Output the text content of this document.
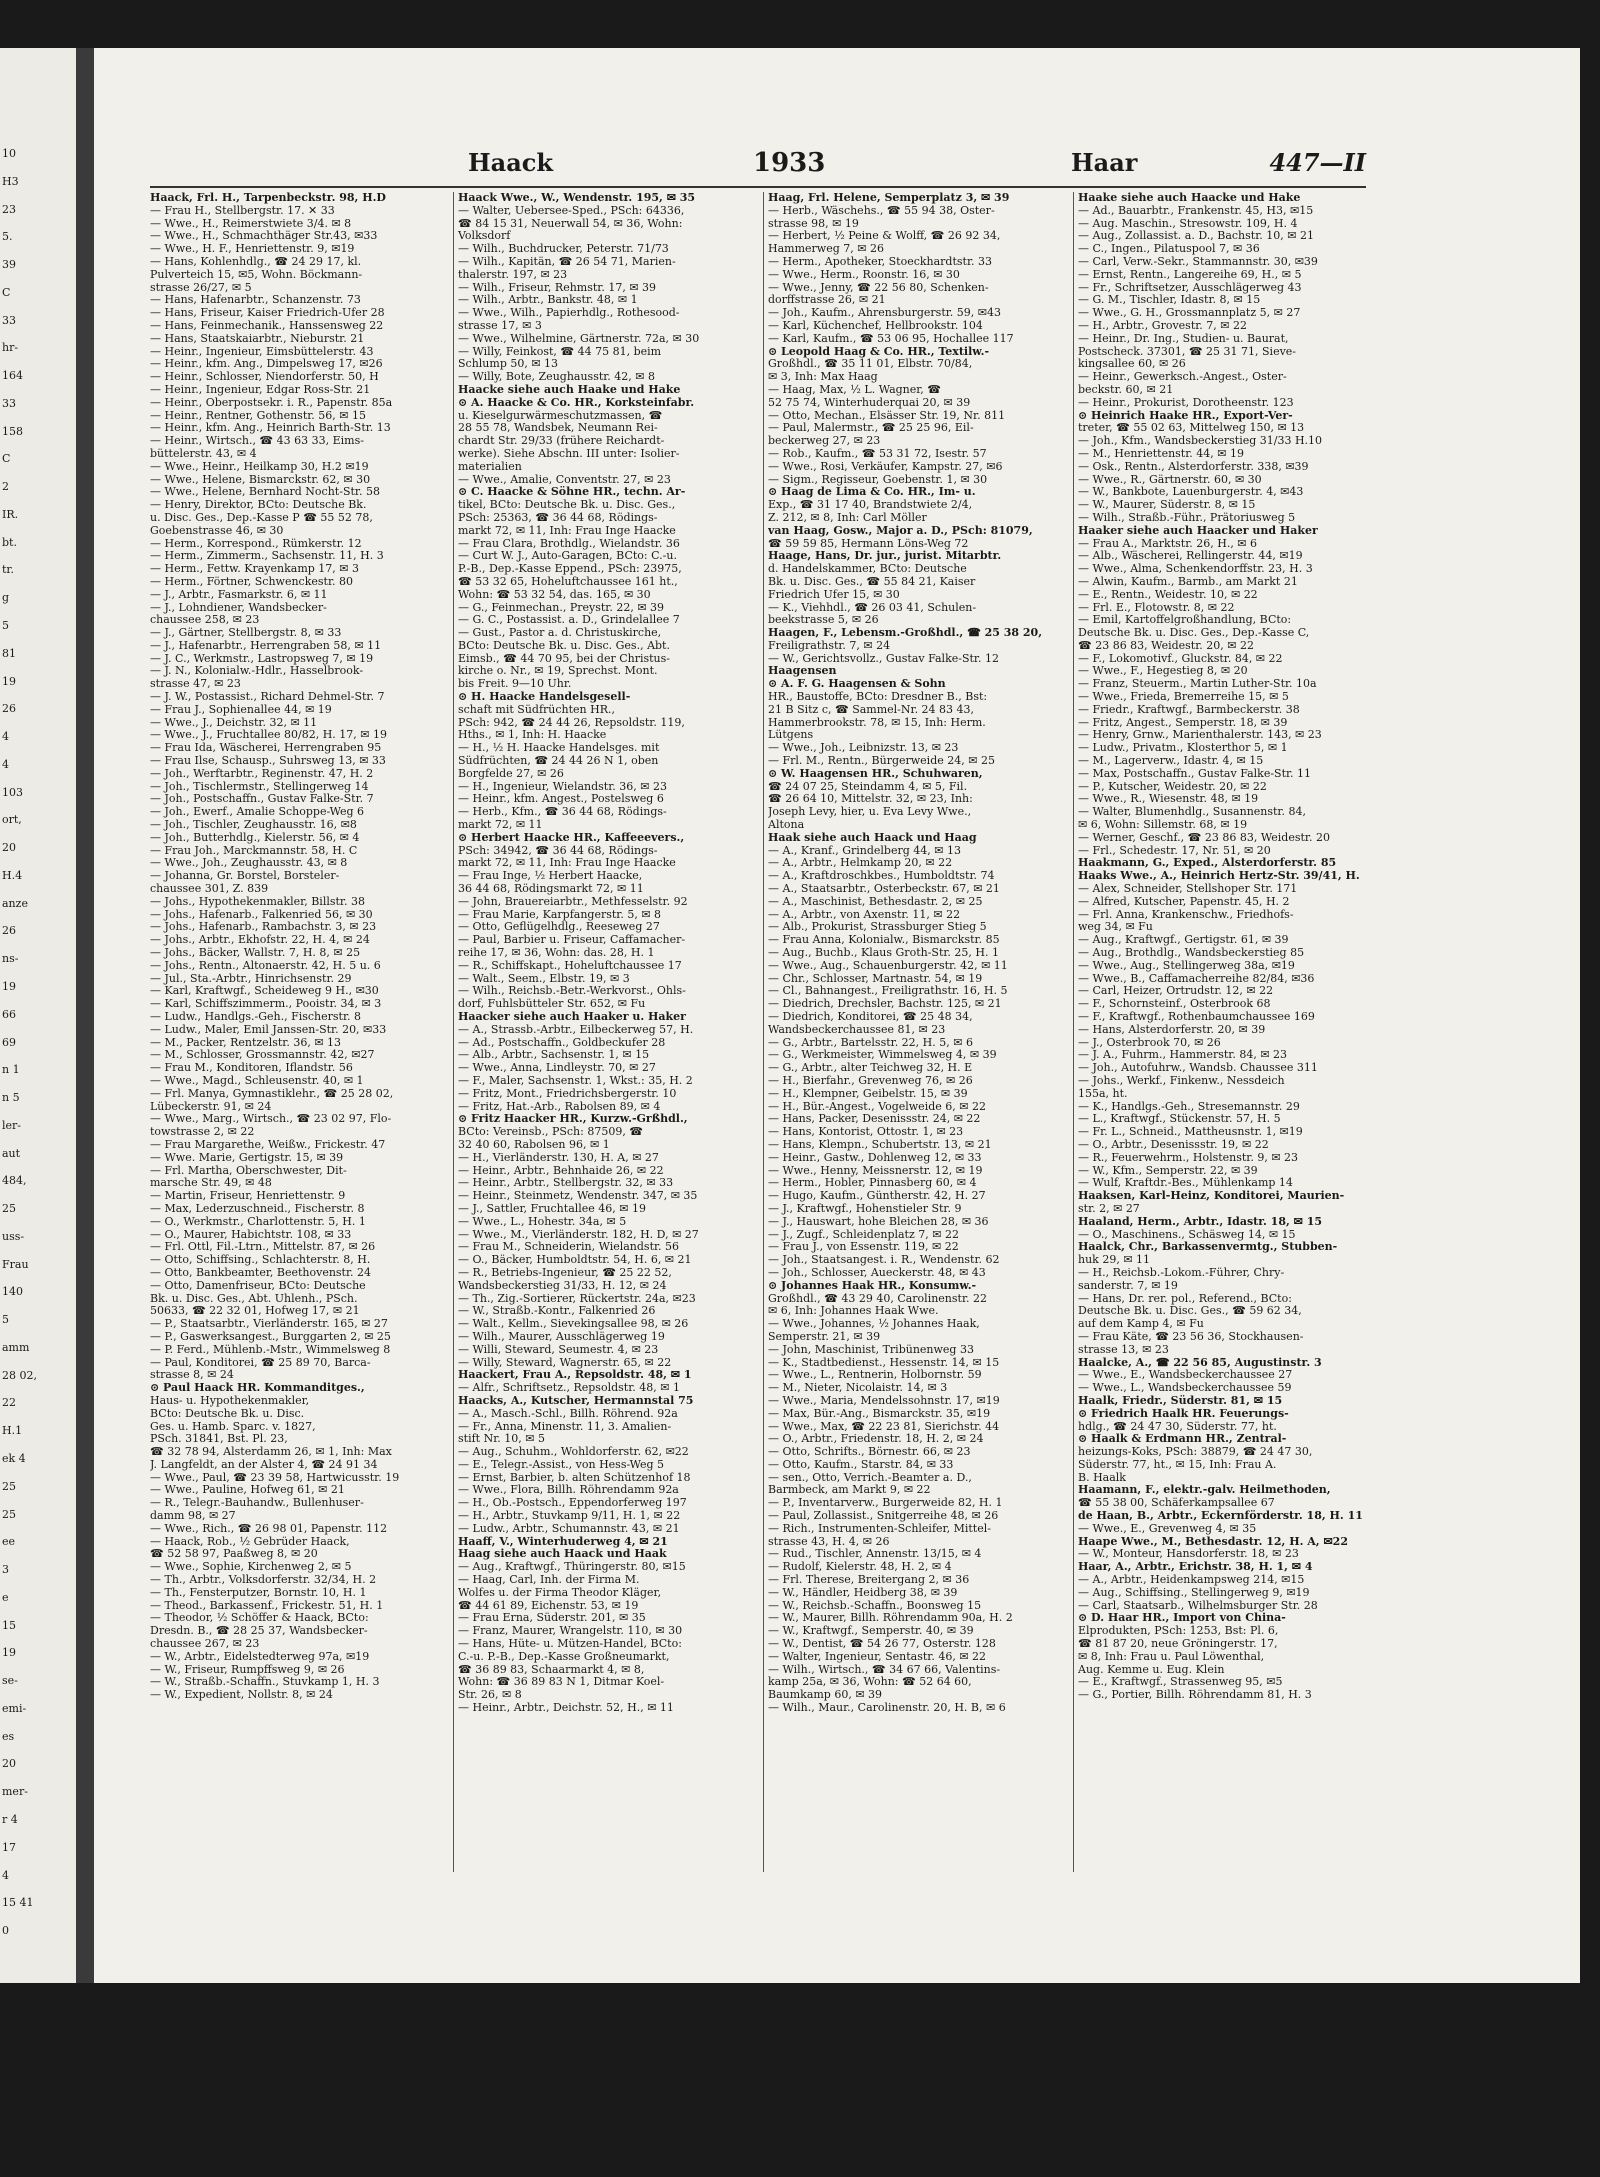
10
H3
23
5.
39
C
33
hr-
164
33
158
C
2
IR.
bt.
tr.
g
5
81
19
26
4
4
103
ort,
20
H.4
anze
26
ns-
19
66
69
n 1
n 5
ler-
aut
484,
25
uss-
Frau
140
5
amm
28 02,
22
H.1
ek 4
25
25
ee
3
e
15
19
se-
emi-
es
20
mer-
r 4
17
4
15 41
0
Haack	1933	Haar	447—II
Haack, Frl. H., Tarpenbeckstr. 98, H.D
— Frau H., Stellbergstr. 17. ✕ 33
— Wwe., H., Reimerstwiete 3/4. ✉ 8
— Wwe., H., Schmachthäger Str.43, ✉33
— Wwe., H. F., Henriettenstr. 9, ✉19
— Hans, Kohlenhdlg., ☎ 24 29 17, kl.
Pulverteich 15, ✉5, Wohn. Böckmann-
strasse 26/27, ✉ 5
— Hans, Hafenarbtr., Schanzenstr. 73
— Hans, Friseur, Kaiser Friedrich-Ufer 28
— Hans, Feinmechanik., Hanssensweg 22
— Hans, Staatskaiarbtr., Nieburstr. 21
— Heinr., Ingenieur, Eimsbüttelerstr. 43
— Heinr., kfm. Ang., Dimpelsweg 17, ✉26
— Heinr., Schlosser, Niendorferstr. 50, H
— Heinr., Ingenieur, Edgar Ross-Str. 21
— Heinr., Oberpostsekr. i. R., Papenstr. 85a
— Heinr., Rentner, Gothenstr. 56, ✉ 15
— Heinr., kfm. Ang., Heinrich Barth-Str. 13
— Heinr., Wirtsch., ☎ 43 63 33, Eims-
büttelerstr. 43, ✉ 4
— Wwe., Heinr., Heilkamp 30, H.2 ✉19
— Wwe., Helene, Bismarckstr. 62, ✉ 30
— Wwe., Helene, Bernhard Nocht-Str. 58
— Henry, Direktor, BCto: Deutsche Bk.
u. Disc. Ges., Dep.-Kasse P ☎ 55 52 78,
Goebenstrasse 46, ✉ 30
— Herm., Korrespond., Rümkerstr. 12
— Herm., Zimmerm., Sachsenstr. 11, H. 3
— Herm., Fettw. Krayenkamp 17, ✉ 3
— Herm., Förtner, Schwenckestr. 80
— J., Arbtr., Fasmarkstr. 6, ✉ 11
— J., Lohndiener, Wandsbecker-
chaussee 258, ✉ 23
— J., Gärtner, Stellbergstr. 8, ✉ 33
— J., Hafenarbtr., Herrengraben 58, ✉ 11
— J. C., Werkmstr., Lastropsweg 7, ✉ 19
— J. N., Kolonialw.-Hdlr., Hasselbrook-
strasse 47, ✉ 23
— J. W., Postassist., Richard Dehmel-Str. 7
— Frau J., Sophienallee 44, ✉ 19
— Wwe., J., Deichstr. 32, ✉ 11
— Wwe., J., Fruchtallee 80/82, H. 17, ✉ 19
— Frau Ida, Wäscherei, Herrengraben 95
— Frau Ilse, Schausp., Suhrsweg 13, ✉ 33
— Joh., Werftarbtr., Reginenstr. 47, H. 2
— Joh., Tischlermstr., Stellingerweg 14
— Joh., Postschaffn., Gustav Falke-Str. 7
— Joh., Ewerf., Amalie Schoppe-Weg 6
— Joh., Tischler, Zeughausstr. 16, ✉8
— Joh., Butterhdlg., Kielerstr. 56, ✉ 4
— Frau Joh., Marckmannstr. 58, H. C
— Wwe., Joh., Zeughausstr. 43, ✉ 8
— Johanna, Gr. Borstel, Borsteler-
chaussee 301, Z. 839
— Johs., Hypothekenmakler, Billstr. 38
— Johs., Hafenarb., Falkenried 56, ✉ 30
— Johs., Hafenarb., Rambachstr. 3, ✉ 23
— Johs., Arbtr., Ekhofstr. 22, H. 4, ✉ 24
— Johs., Bäcker, Wallstr. 7, H. 8, ✉ 25
— Johs., Rentn., Altonaerstr. 42, H. 5 u. 6
— Jul., Sta.-Arbtr., Hinrichsenstr. 29
— Karl, Kraftwgf., Scheideweg 9 H., ✉30
— Karl, Schiffszimmerm., Pooistr. 34, ✉ 3
— Ludw., Handlgs.-Geh., Fischerstr. 8
— Ludw., Maler, Emil Janssen-Str. 20, ✉33
— M., Packer, Rentzelstr. 36, ✉ 13
— M., Schlosser, Grossmannstr. 42, ✉27
— Frau M., Konditoren, Iflandstr. 56
— Wwe., Magd., Schleusenstr. 40, ✉ 1
— Frl. Manya, Gymnastiklehr., ☎ 25 28 02,
Lübeckerstr. 91, ✉ 24
— Wwe., Marg., Wirtsch., ☎ 23 02 97, Flo-
towstrasse 2, ✉ 22
— Frau Margarethe, Weißw., Frickestr. 47
— Wwe. Marie, Gertigstr. 15, ✉ 39
— Frl. Martha, Oberschwester, Dit-
marsche Str. 49, ✉ 48
— Martin, Friseur, Henriettenstr. 9
— Max, Lederzuschneid., Fischerstr. 8
— O., Werkmstr., Charlottenstr. 5, H. 1
— O., Maurer, Habichtstr. 108, ✉ 33
— Frl. Ottl, Fil.-Ltrn., Mittelstr. 87, ✉ 26
— Otto, Schiffsing., Schlachterstr. 8, H.
— Otto, Bankbeamter, Beethovenstr. 24
— Otto, Damenfriseur, BCto: Deutsche
Bk. u. Disc. Ges., Abt. Uhlenh., PSch.
50633, ☎ 22 32 01, Hofweg 17, ✉ 21
— P., Staatsarbtr., Vierländerstr. 165, ✉ 27
— P., Gaswerksangest., Burggarten 2, ✉ 25
— P. Ferd., Mühlenb.-Mstr., Wimmelsweg 8
— Paul, Konditorei, ☎ 25 89 70, Barca-
strasse 8, ✉ 24
⊙ Paul Haack HR. Kommanditges.,
Haus- u. Hypothekenmakler,
BCto: Deutsche Bk. u. Disc.
Ges. u. Hamb. Sparc. v. 1827,
PSch. 31841, Bst. Pl. 23,
☎ 32 78 94, Alsterdamm 26, ✉ 1, Inh: Max
J. Langfeldt, an der Alster 4, ☎ 24 91 34
— Wwe., Paul, ☎ 23 39 58, Hartwicusstr. 19
— Wwe., Pauline, Hofweg 61, ✉ 21
— R., Telegr.-Bauhandw., Bullenhuser-
damm 98, ✉ 27
— Wwe., Rich., ☎ 26 98 01, Papenstr. 112
— Haack, Rob., ½ Gebrüder Haack,
☎ 52 58 97, Paaßweg 8, ✉ 20
— Wwe., Sophie, Kirchenweg 2, ✉ 5
— Th., Arbtr., Volksdorferstr. 32/34, H. 2
— Th., Fensterputzer, Bornstr. 10, H. 1
— Theod., Barkassenf., Frickestr. 51, H. 1
— Theodor, ½ Schöffer & Haack, BCto:
Dresdn. B., ☎ 28 25 37, Wandsbecker-
chaussee 267, ✉ 23
— W., Arbtr., Eidelstedterweg 97a, ✉19
— W., Friseur, Rumpffsweg 9, ✉ 26
— W., Straßb.-Schaffn., Stuvkamp 1, H. 3
— W., Expedient, Nollstr. 8, ✉ 24
Haack Wwe., W., Wendenstr. 195, ✉ 35
— Walter, Uebersee-Sped., PSch: 64336,
☎ 84 15 31, Neuerwall 54, ✉ 36, Wohn:
Volksdorf
— Wilh., Buchdrucker, Peterstr. 71/73
— Wilh., Kapitän, ☎ 26 54 71, Marien-
thalerstr. 197, ✉ 23
— Wilh., Friseur, Rehmstr. 17, ✉ 39
— Wilh., Arbtr., Bankstr. 48, ✉ 1
— Wwe., Wilh., Papierhdlg., Rothesood-
strasse 17, ✉ 3
— Wwe., Wilhelmine, Gärtnerstr. 72a, ✉ 30
— Willy, Feinkost, ☎ 44 75 81, beim
Schlump 50, ✉ 13
— Willy, Bote, Zeughausstr. 42, ✉ 8
Haacke siehe auch Haake und Hake
⊙ A. Haacke & Co. HR., Korksteinfabr.
u. Kieselgurwärmeschutzmassen, ☎
28 55 78, Wandsbek, Neumann Rei-
chardt Str. 29/33 (frühere Reichardt-
werke). Siehe Abschn. III unter: Isolier-
materialien
— Wwe., Amalie, Conventstr. 27, ✉ 23
⊙ C. Haacke & Söhne HR., techn. Ar-
tikel, BCto: Deutsche Bk. u. Disc. Ges.,
PSch: 25363, ☎ 36 44 68, Rödings-
markt 72, ✉ 11, Inh: Frau Inge Haacke
— Frau Clara, Brothdlg., Wielandstr. 36
— Curt W. J., Auto-Garagen, BCto: C.-u.
P.-B., Dep.-Kasse Eppend., PSch: 23975,
☎ 53 32 65, Hoheluftchaussee 161 ht.,
Wohn: ☎ 53 32 54, das. 165, ✉ 30
— G., Feinmechan., Preystr. 22, ✉ 39
— G. C., Postassist. a. D., Grindelallee 7
— Gust., Pastor a. d. Christuskirche,
BCto: Deutsche Bk. u. Disc. Ges., Abt.
Eimsb., ☎ 44 70 95, bei der Christus-
kirche o. Nr., ✉ 19, Sprechst. Mont.
bis Freit. 9—10 Uhr.
⊙ H. Haacke Handelsgesell-
schaft mit Südfrüchten HR.,
PSch: 942, ☎ 24 44 26, Repsoldstr. 119,
Hths., ✉ 1, Inh: H. Haacke
— H., ½ H. Haacke Handelsges. mit
Südfrüchten, ☎ 24 44 26 N 1, oben
Borgfelde 27, ✉ 26
— H., Ingenieur, Wielandstr. 36, ✉ 23
— Heinr., kfm. Angest., Postelsweg 6
— Herb., Kfm., ☎ 36 44 68, Rödings-
markt 72, ✉ 11
⊙ Herbert Haacke HR., Kaffeeevers.,
PSch: 34942, ☎ 36 44 68, Rödings-
markt 72, ✉ 11, Inh: Frau Inge Haacke
— Frau Inge, ½ Herbert Haacke,
36 44 68, Rödingsmarkt 72, ✉ 11
— John, Brauereiarbtr., Methfesselstr. 92
— Frau Marie, Karpfangerstr. 5, ✉ 8
— Otto, Geflügelhdlg., Reeseweg 27
— Paul, Barbier u. Friseur, Caffamacher-
reihe 17, ✉ 36, Wohn: das. 28, H. 1
— R., Schiffskapt., Hoheluftchaussee 17
— Walt., Seem., Elbstr. 19, ✉ 3
— Wilh., Reichsb.-Betr.-Werkvorst., Ohls-
dorf, Fuhlsbütteler Str. 652, ✉ Fu
Haacker siehe auch Haaker u. Haker
— A., Strassb.-Arbtr., Eilbeckerweg 57, H.
— Ad., Postschaffn., Goldbeckufer 28
— Alb., Arbtr., Sachsenstr. 1, ✉ 15
— Wwe., Anna, Lindleystr. 70, ✉ 27
— F., Maler, Sachsenstr. 1, Wkst.: 35, H. 2
— Fritz, Mont., Friedrichsbergerstr. 10
— Fritz, Hat.-Arb., Rabolsen 89, ✉ 4
⊙ Fritz Haacker HR., Kurzw.-Grßhdl.,
BCto: Vereinsb., PSch: 87509, ☎
32 40 60, Rabolsen 96, ✉ 1
— H., Vierländerstr. 130, H. A, ✉ 27
— Heinr., Arbtr., Behnhaide 26, ✉ 22
— Heinr., Arbtr., Stellbergstr. 32, ✉ 33
— Heinr., Steinmetz, Wendenstr. 347, ✉ 35
— J., Sattler, Fruchtallee 46, ✉ 19
— Wwe., L., Hohestr. 34a, ✉ 5
— Wwe., M., Vierländerstr. 182, H. D, ✉ 27
— Frau M., Schneiderin, Wielandstr. 56
— O., Bäcker, Humboldtstr. 54, H. 6, ✉ 21
— R., Betriebs-Ingenieur, ☎ 25 22 52,
Wandsbeckerstieg 31/33, H. 12, ✉ 24
— Th., Zig.-Sortierer, Rückertstr. 24a, ✉23
— W., Straßb.-Kontr., Falkenried 26
— Walt., Kellm., Sievekingsallee 98, ✉ 26
— Wilh., Maurer, Ausschlägerweg 19
— Willi, Steward, Seumestr. 4, ✉ 23
— Willy, Steward, Wagnerstr. 65, ✉ 22
Haackert, Frau A., Repsoldstr. 48, ✉ 1
— Alfr., Schriftsetz., Repsoldstr. 48, ✉ 1
Haacks, A., Kutscher, Hermannstal 75
— A., Masch.-Schl., Billh. Röhrend. 92a
— Fr., Anna, Minenstr. 11, 3. Amalien-
stift Nr. 10, ✉ 5
— Aug., Schuhm., Wohldorferstr. 62, ✉22
— E., Telegr.-Assist., von Hess-Weg 5
— Ernst, Barbier, b. alten Schützenhof 18
— Wwe., Flora, Billh. Röhrendamm 92a
— H., Ob.-Postsch., Eppendorferweg 197
— H., Arbtr., Stuvkamp 9/11, H. 1, ✉ 22
— Ludw., Arbtr., Schumannstr. 43, ✉ 21
Haaff, V., Winterhuderweg 4, ✉ 21
Haag siehe auch Haack und Haak
— Aug., Kraftwgf., Thüringerstr. 80, ✉15
— Haag, Carl, Inh. der Firma M.
Wolfes u. der Firma Theodor Kläger,
☎ 44 61 89, Eichenstr. 53, ✉ 19
— Frau Erna, Süderstr. 201, ✉ 35
— Franz, Maurer, Wrangelstr. 110, ✉ 30
— Hans, Hüte- u. Mützen-Handel, BCto:
C.-u. P.-B., Dep.-Kasse Großneumarkt,
☎ 36 89 83, Schaarmarkt 4, ✉ 8,
Wohn: ☎ 36 89 83 N 1, Ditmar Koel-
Str. 26, ✉ 8
— Heinr., Arbtr., Deichstr. 52, H., ✉ 11
Haag, Frl. Helene, Semperplatz 3, ✉ 39
— Herb., Wäschehs., ☎ 55 94 38, Oster-
strasse 98, ✉ 19
— Herbert, ½ Peine & Wolff, ☎ 26 92 34,
Hammerweg 7, ✉ 26
— Herm., Apotheker, Stoeckhardtstr. 33
— Wwe., Herm., Roonstr. 16, ✉ 30
— Wwe., Jenny, ☎ 22 56 80, Schenken-
dorffstrasse 26, ✉ 21
— Joh., Kaufm., Ahrensburgerstr. 59, ✉43
— Karl, Küchenchef, Hellbrookstr. 104
— Karl, Kaufm., ☎ 53 06 95, Hochallee 117
⊙ Leopold Haag & Co. HR., Textilw.-
Großhdl., ☎ 35 11 01, Elbstr. 70/84,
✉ 3, Inh: Max Haag
— Haag, Max, ½ L. Wagner, ☎
52 75 74, Winterhuderquai 20, ✉ 39
— Otto, Mechan., Elsässer Str. 19, Nr. 811
— Paul, Malermstr., ☎ 25 25 96, Eil-
beckerweg 27, ✉ 23
— Rob., Kaufm., ☎ 53 31 72, Isestr. 57
— Wwe., Rosi, Verkäufer, Kampstr. 27, ✉6
— Sigm., Regisseur, Goebenstr. 1, ✉ 30
⊙ Haag de Lima & Co. HR., Im- u.
Exp., ☎ 31 17 40, Brandstwiete 2/4,
Z. 212, ✉ 8, Inh: Carl Möller
van Haag, Gosw., Major a. D., PSch: 81079,
☎ 59 59 85, Hermann Löns-Weg 72
Haage, Hans, Dr. jur., jurist. Mitarbtr.
d. Handelskammer, BCto: Deutsche
Bk. u. Disc. Ges., ☎ 55 84 21, Kaiser
Friedrich Ufer 15, ✉ 30
— K., Viehhdl., ☎ 26 03 41, Schulen-
beekstrasse 5, ✉ 26
Haagen, F., Lebensm.-Großhdl., ☎ 25 38 20,
Freiligrathstr. 7, ✉ 24
— W., Gerichtsvollz., Gustav Falke-Str. 12
Haagensen
⊙ A. F. G. Haagensen & Sohn
HR., Baustoffe, BCto: Dresdner B., Bst:
21 B Sitz c, ☎ Sammel-Nr. 24 83 43,
Hammerbrookstr. 78, ✉ 15, Inh: Herm.
Lütgens
— Wwe., Joh., Leibnizstr. 13, ✉ 23
— Frl. M., Rentn., Bürgerweide 24, ✉ 25
⊙ W. Haagensen HR., Schuhwaren,
☎ 24 07 25, Steindamm 4, ✉ 5, Fil.
☎ 26 64 10, Mittelstr. 32, ✉ 23, Inh:
Joseph Levy, hier, u. Eva Levy Wwe.,
Altona
Haak siehe auch Haack und Haag
— A., Kranf., Grindelberg 44, ✉ 13
— A., Arbtr., Helmkamp 20, ✉ 22
— A., Kraftdroschkbes., Humboldtstr. 74
— A., Staatsarbtr., Osterbeckstr. 67, ✉ 21
— A., Maschinist, Bethesdastr. 2, ✉ 25
— A., Arbtr., von Axenstr. 11, ✉ 22
— Alb., Prokurist, Strassburger Stieg 5
— Frau Anna, Kolonialw., Bismarckstr. 85
— Aug., Buchb., Klaus Groth-Str. 25, H. 1
— Wwe., Aug., Schauenburgerstr. 42, ✉ 11
— Chr., Schlosser, Martnastr. 54, ✉ 19
— Cl., Bahnangest., Freiligrathstr. 16, H. 5
— Diedrich, Drechsler, Bachstr. 125, ✉ 21
— Diedrich, Konditorei, ☎ 25 48 34,
Wandsbeckerchaussee 81, ✉ 23
— G., Arbtr., Bartelsstr. 22, H. 5, ✉ 6
— G., Werkmeister, Wimmelsweg 4, ✉ 39
— G., Arbtr., alter Teichweg 32, H. E
— H., Bierfahr., Grevenweg 76, ✉ 26
— H., Klempner, Geibelstr. 15, ✉ 39
— H., Bür.-Angest., Vogelweide 6, ✉ 22
— Hans, Packer, Desenissstr. 24, ✉ 22
— Hans, Kontorist, Ottostr. 1, ✉ 23
— Hans, Klempn., Schubertstr. 13, ✉ 21
— Heinr., Gastw., Dohlenweg 12, ✉ 33
— Wwe., Henny, Meissnerstr. 12, ✉ 19
— Herm., Hobler, Pinnasberg 60, ✉ 4
— Hugo, Kaufm., Güntherstr. 42, H. 27
— J., Kraftwgf., Hohenstieler Str. 9
— J., Hauswart, hohe Bleichen 28, ✉ 36
— J., Zugf., Schleidenplatz 7, ✉ 22
— Frau J., von Essenstr. 119, ✉ 22
— Joh., Staatsangest. i. R., Wendenstr. 62
— Joh., Schlosser, Aueckerstr. 48, ✉ 43
⊙ Johannes Haak HR., Konsumw.-
Großhdl., ☎ 43 29 40, Carolinenstr. 22
✉ 6, Inh: Johannes Haak Wwe.
— Wwe., Johannes, ½ Johannes Haak,
Semperstr. 21, ✉ 39
— John, Maschinist, Tribünenweg 33
— K., Stadtbedienst., Hessenstr. 14, ✉ 15
— Wwe., L., Rentnerin, Holbornstr. 59
— M., Nieter, Nicolaistr. 14, ✉ 3
— Wwe., Maria, Mendelssohnstr. 17, ✉19
— Max, Bür.-Ang., Bismarckstr. 35, ✉19
— Wwe., Max, ☎ 22 23 81, Sierichstr. 44
— O., Arbtr., Friedenstr. 18, H. 2, ✉ 24
— Otto, Schrifts., Börnestr. 66, ✉ 23
— Otto, Kaufm., Starstr. 84, ✉ 33
— sen., Otto, Verrich.-Beamter a. D.,
Barmbeck, am Markt 9, ✉ 22
— P., Inventarverw., Burgerweide 82, H. 1
— Paul, Zollassist., Snitgerreihe 48, ✉ 26
— Rich., Instrumenten-Schleifer, Mittel-
strasse 43, H. 4, ✉ 26
— Rud., Tischler, Annenstr. 13/15, ✉ 4
— Rudolf, Kielerstr. 48, H. 2, ✉ 4
— Frl. Therese, Breitergang 2, ✉ 36
— W., Händler, Heidberg 38, ✉ 39
— W., Reichsb.-Schaffn., Boonsweg 15
— W., Maurer, Billh. Röhrendamm 90a, H. 2
— W., Kraftwgf., Semperstr. 40, ✉ 39
— W., Dentist, ☎ 54 26 77, Osterstr. 128
— Walter, Ingenieur, Sentastr. 46, ✉ 22
— Wilh., Wirtsch., ☎ 34 67 66, Valentins-
kamp 25a, ✉ 36, Wohn: ☎ 52 64 60,
Baumkamp 60, ✉ 39
— Wilh., Maur., Carolinenstr. 20, H. B, ✉ 6
Haake siehe auch Haacke und Hake
— Ad., Bauarbtr., Frankenstr. 45, H3, ✉15
— Aug. Maschin., Stresowstr. 109, H. 4
— Aug., Zollassist. a. D., Bachstr. 10, ✉ 21
— C., Ingen., Pilatuspool 7, ✉ 36
— Carl, Verw.-Sekr., Stammannstr. 30, ✉39
— Ernst, Rentn., Langereihe 69, H., ✉ 5
— Fr., Schriftsetzer, Ausschlägerweg 43
— G. M., Tischler, Idastr. 8, ✉ 15
— Wwe., G. H., Grossmannplatz 5, ✉ 27
— H., Arbtr., Grovestr. 7, ✉ 22
— Heinr., Dr. Ing., Studien- u. Baurat,
Postscheck. 37301, ☎ 25 31 71, Sieve-
kingsallee 60, ✉ 26
— Heinr., Gewerksch.-Angest., Oster-
beckstr. 60, ✉ 21
— Heinr., Prokurist, Dorotheenstr. 123
⊙ Heinrich Haake HR., Export-Ver-
treter, ☎ 55 02 63, Mittelweg 150, ✉ 13
— Joh., Kfm., Wandsbeckerstieg 31/33 H.10
— M., Henriettenstr. 44, ✉ 19
— Osk., Rentn., Alsterdorferstr. 338, ✉39
— Wwe., R., Gärtnerstr. 60, ✉ 30
— W., Bankbote, Lauenburgerstr. 4, ✉43
— W., Maurer, Süderstr. 8, ✉ 15
— Wilh., Straßb.-Führ., Prätoriusweg 5
Haaker siehe auch Haacker und Haker
— Frau A., Marktstr. 26, H., ✉ 6
— Alb., Wäscherei, Rellingerstr. 44, ✉19
— Wwe., Alma, Schenkendorffstr. 23, H. 3
— Alwin, Kaufm., Barmb., am Markt 21
— E., Rentn., Weidestr. 10, ✉ 22
— Frl. E., Flotowstr. 8, ✉ 22
— Emil, Kartoffelgroßhandlung, BCto:
Deutsche Bk. u. Disc. Ges., Dep.-Kasse C,
☎ 23 86 83, Weidestr. 20, ✉ 22
— F., Lokomotivf., Gluckstr. 84, ✉ 22
— Wwe., F., Hegestieg 8, ✉ 20
— Franz, Steuerm., Martin Luther-Str. 10a
— Wwe., Frieda, Bremerreihe 15, ✉ 5
— Friedr., Kraftwgf., Barmbeckerstr. 38
— Fritz, Angest., Semperstr. 18, ✉ 39
— Henry, Grnw., Marienthalerstr. 143, ✉ 23
— Ludw., Privatm., Klosterthor 5, ✉ 1
— M., Lagerverw., Idastr. 4, ✉ 15
— Max, Postschaffn., Gustav Falke-Str. 11
— P., Kutscher, Weidestr. 20, ✉ 22
— Wwe., R., Wiesenstr. 48, ✉ 19
— Walter, Blumenhdlg., Susannenstr. 84,
✉ 6, Wohn: Sillemstr. 68, ✉ 19
— Werner, Geschf., ☎ 23 86 83, Weidestr. 20
— Frl., Schedestr. 17, Nr. 51, ✉ 20
Haakmann, G., Exped., Alsterdorferstr. 85
Haaks Wwe., A., Heinrich Hertz-Str. 39/41, H.
— Alex, Schneider, Stellshoper Str. 171
— Alfred, Kutscher, Papenstr. 45, H. 2
— Frl. Anna, Krankenschw., Friedhofs-
weg 34, ✉ Fu
— Aug., Kraftwgf., Gertigstr. 61, ✉ 39
— Aug., Brothdlg., Wandsbeckerstieg 85
— Wwe., Aug., Stellingerweg 38a, ✉19
— Wwe., B., Caffamacherreihe 82/84, ✉36
— Carl, Heizer, Ortrudstr. 12, ✉ 22
— F., Schornsteinf., Osterbrook 68
— F., Kraftwgf., Rothenbaumchaussee 169
— Hans, Alsterdorferstr. 20, ✉ 39
— J., Osterbrook 70, ✉ 26
— J. A., Fuhrm., Hammerstr. 84, ✉ 23
— Joh., Autofuhrw., Wandsb. Chaussee 311
— Johs., Werkf., Finkenw., Nessdeich
155a, ht.
— K., Handlgs.-Geh., Stresemannstr. 29
— L., Kraftwgf., Stückenstr. 57, H. 5
— Fr. L., Schneid., Mattheusnstr. 1, ✉19
— O., Arbtr., Desenissstr. 19, ✉ 22
— R., Feuerwehrm., Holstenstr. 9, ✉ 23
— W., Kfm., Semperstr. 22, ✉ 39
— Wulf, Kraftdr.-Bes., Mühlenkamp 14
Haaksen, Karl-Heinz, Konditorei, Maurien-
str. 2, ✉ 27
Haaland, Herm., Arbtr., Idastr. 18, ✉ 15
— O., Maschinens., Schäsweg 14, ✉ 15
Haalck, Chr., Barkassenvermtg., Stubben-
huk 29, ✉ 11
— H., Reichsb.-Lokom.-Führer, Chry-
sanderstr. 7, ✉ 19
— Hans, Dr. rer. pol., Referend., BCto:
Deutsche Bk. u. Disc. Ges., ☎ 59 62 34,
auf dem Kamp 4, ✉ Fu
— Frau Käte, ☎ 23 56 36, Stockhausen-
strasse 13, ✉ 23
Haalcke, A., ☎ 22 56 85, Augustinstr. 3
— Wwe., E., Wandsbeckerchaussee 27
— Wwe., L., Wandsbeckerchaussee 59
Haalk, Friedr., Süderstr. 81, ✉ 15
⊙ Friedrich Haalk HR. Feuerungs-
hdlg., ☎ 24 47 30, Süderstr. 77, ht.
⊙ Haalk & Erdmann HR., Zentral-
heizungs-Koks, PSch: 38879, ☎ 24 47 30,
Süderstr. 77, ht., ✉ 15, Inh: Frau A.
B. Haalk
Haamann, F., elektr.-galv. Heilmethoden,
☎ 55 38 00, Schäferkampsallee 67
de Haan, B., Arbtr., Eckernförderstr. 18, H. 11
— Wwe., E., Grevenweg 4, ✉ 35
Haape Wwe., M., Bethesdastr. 12, H. A, ✉22
— W., Monteur, Hansdorferstr. 18, ✉ 23
Haar, A., Arbtr., Erichstr. 38, H. 1, ✉ 4
— A., Arbtr., Heidenkampsweg 214, ✉15
— Aug., Schiffsing., Stellingerweg 9, ✉19
— Carl, Staatsarb., Wilhelmsburger Str. 28
⊙ D. Haar HR., Import von China-
Elprodukten, PSch: 1253, Bst: Pl. 6,
☎ 81 87 20, neue Gröningerstr. 17,
✉ 8, Inh: Frau u. Paul Löwenthal,
Aug. Kemme u. Eug. Klein
— E., Kraftwgf., Strassenweg 95, ✉5
— G., Portier, Billh. Röhrendamm 81, H. 3
